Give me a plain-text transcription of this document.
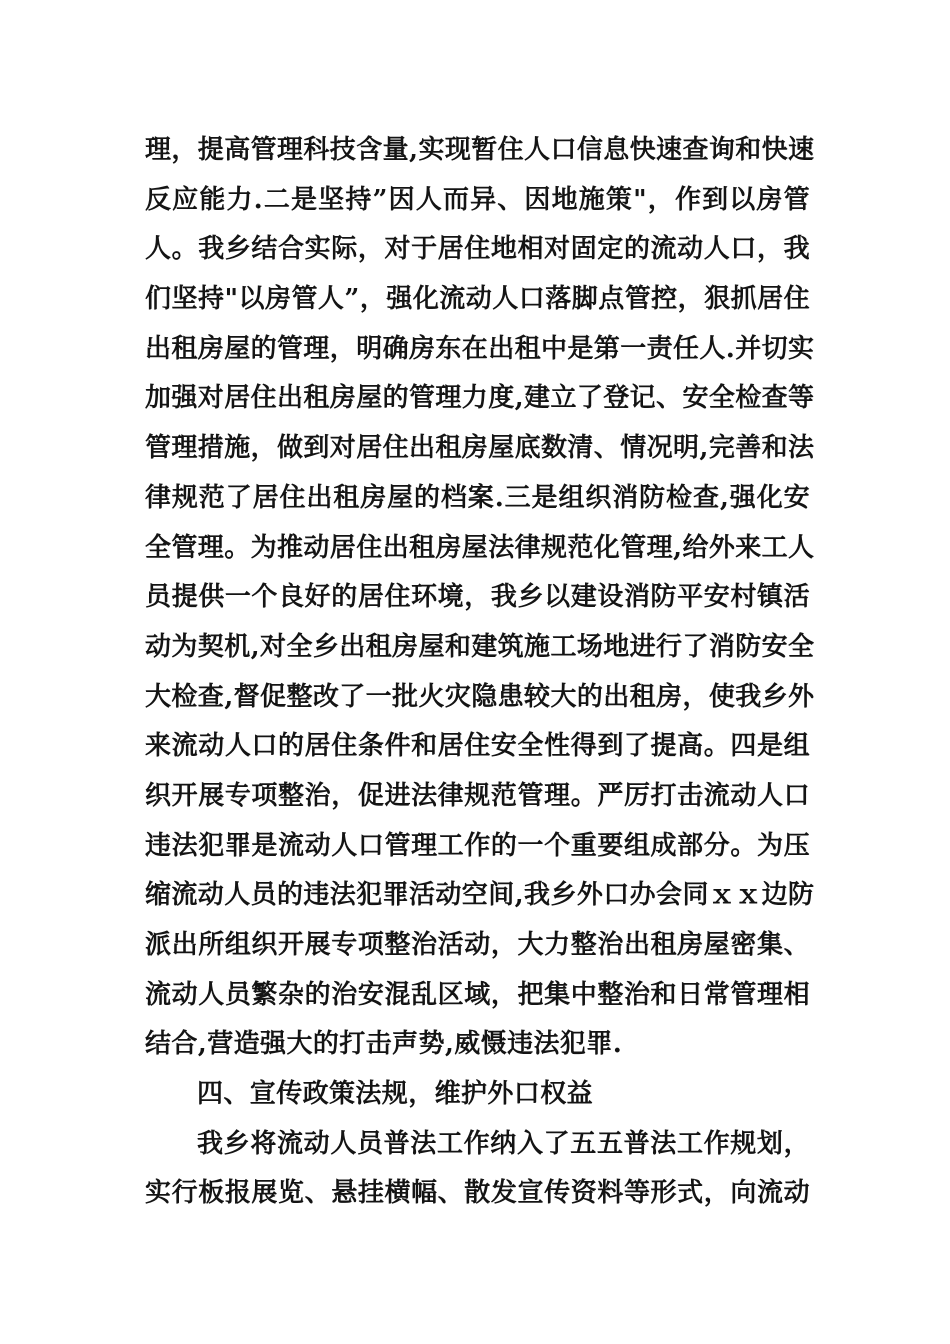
理，提高管理科技含量,实现暂住人口信息快速查询和快速
反应能力.二是坚持”因人而异、因地施策"，作到以房管
人。我乡结合实际，对于居住地相对固定的流动人口，我
们坚持"以房管人”，强化流动人口落脚点管控，狠抓居住
出租房屋的管理，明确房东在出租中是第一责任人.并切实
加强对居住出租房屋的管理力度,建立了登记、安全检查等
管理措施，做到对居住出租房屋底数清、情况明,完善和法
律规范了居住出租房屋的档案.三是组织消防检查,强化安
全管理。为推动居住出租房屋法律规范化管理,给外来工人
员提供一个良好的居住环境，我乡以建设消防平安村镇活
动为契机,对全乡出租房屋和建筑施工场地进行了消防安全
大检查,督促整改了一批火灾隐患较大的出租房，使我乡外
来流动人口的居住条件和居住安全性得到了提高。四是组
织开展专项整治，促进法律规范管理。严厉打击流动人口
违法犯罪是流动人口管理工作的一个重要组成部分。为压
缩流动人员的违法犯罪活动空间,我乡外口办会同ｘｘ边防
派出所组织开展专项整治活动，大力整治出租房屋密集、
流动人员繁杂的治安混乱区域，把集中整治和日常管理相
结合,营造强大的打击声势,威慑违法犯罪.
四、宣传政策法规，维护外口权益
我乡将流动人员普法工作纳入了五五普法工作规划，
实行板报展览、悬挂横幅、散发宣传资料等形式，向流动
